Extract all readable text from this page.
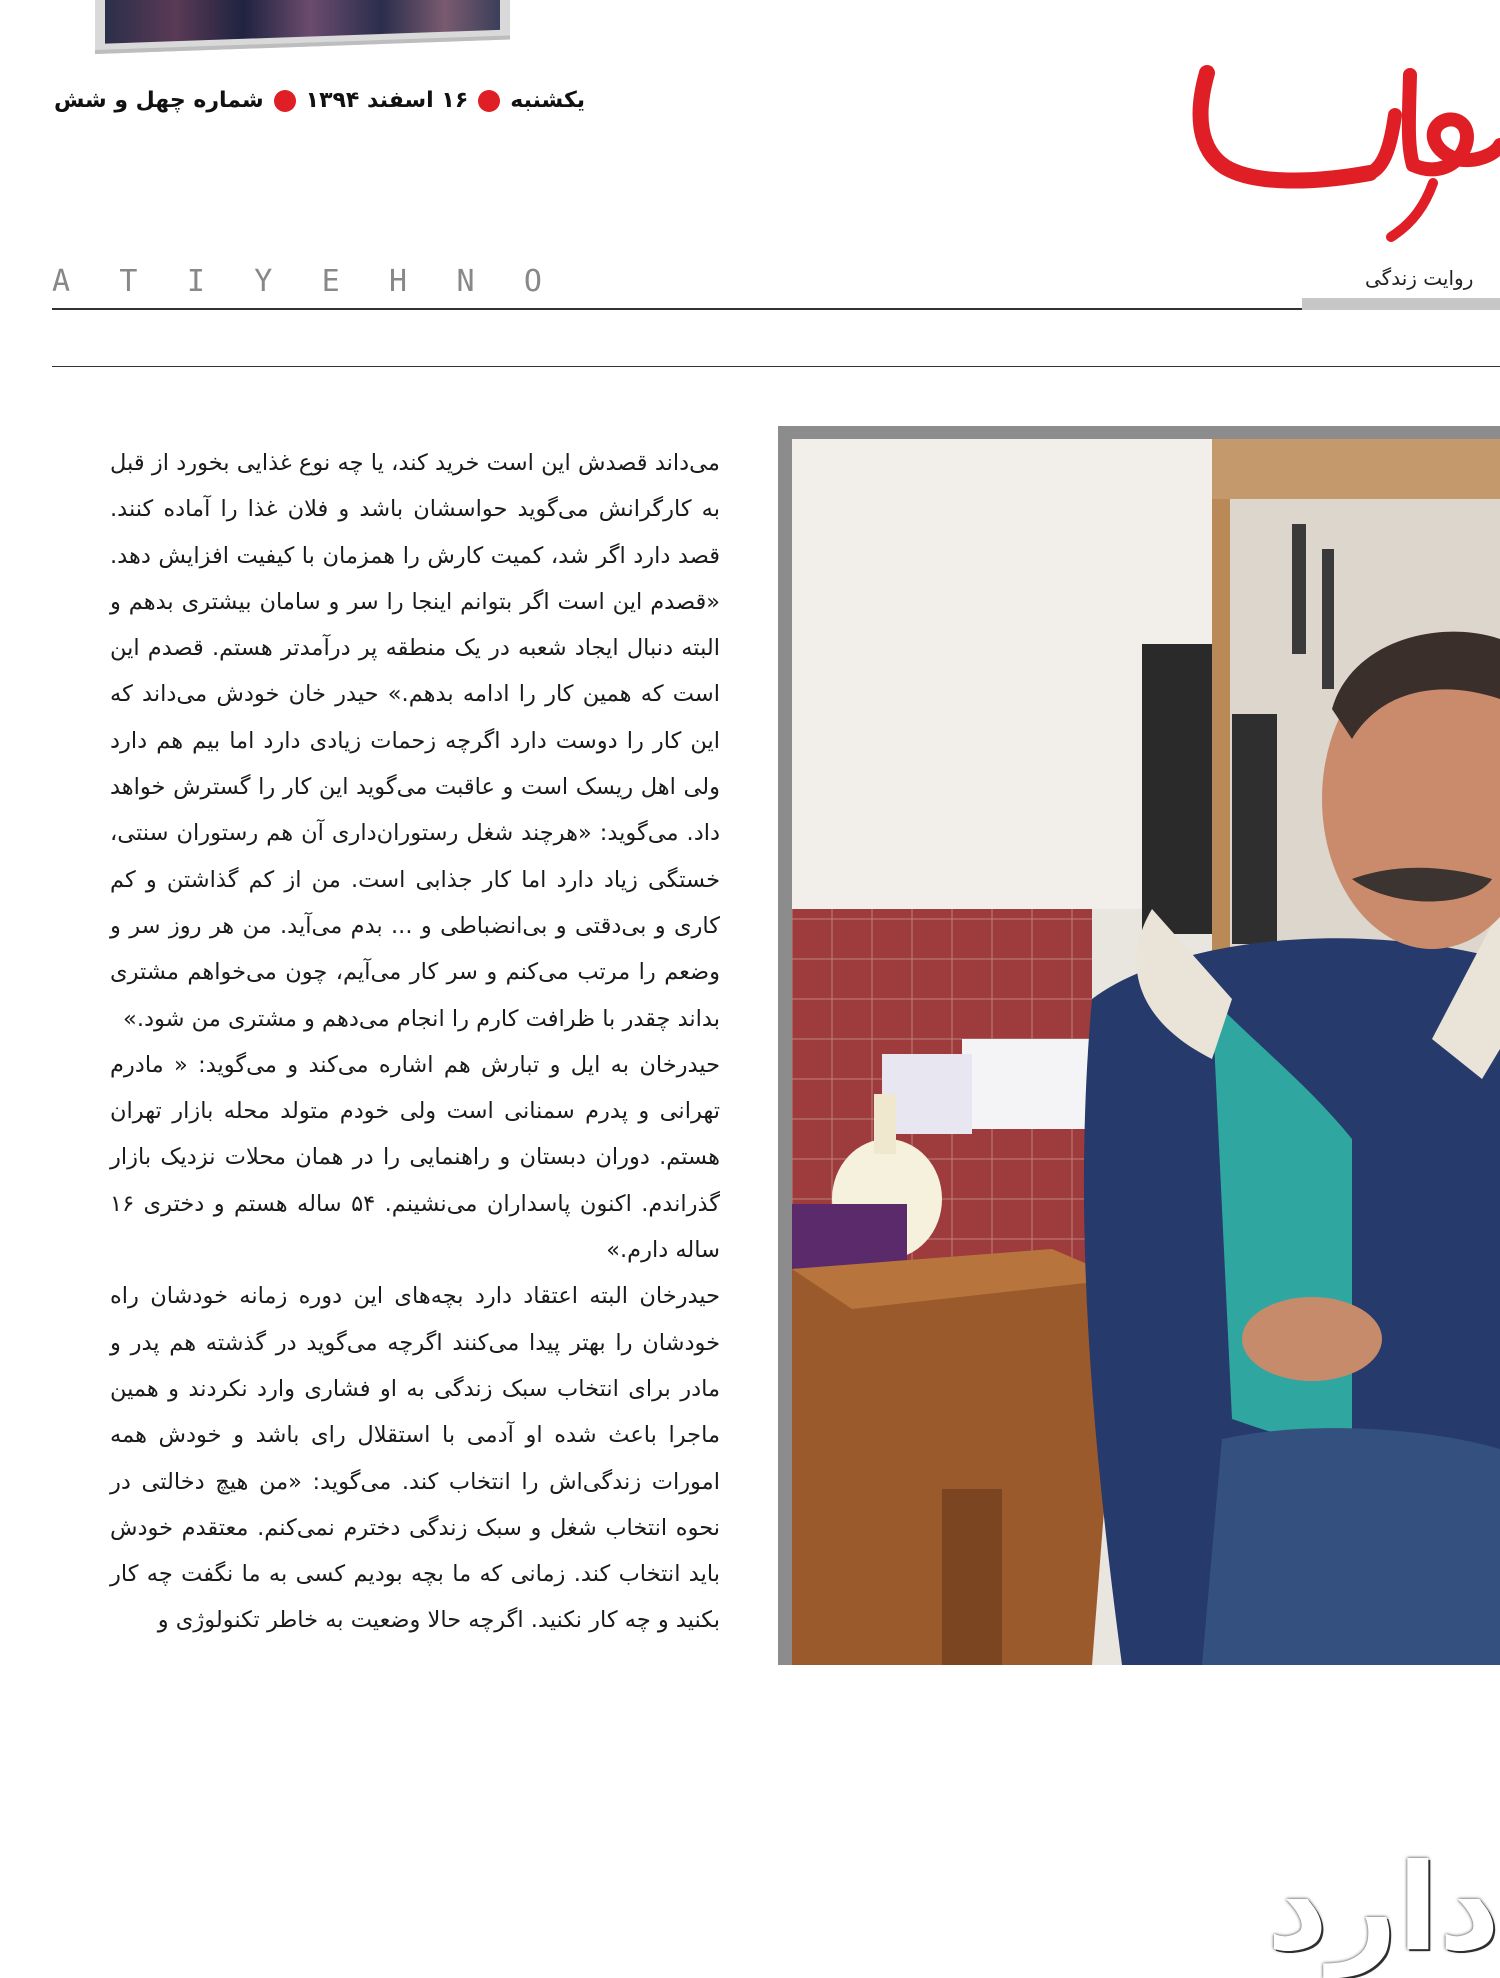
یکشنبه
۱۶ اسفند ۱۳۹۴
شماره چهل و شش
روایت زندگی
A T I Y E H N O

می‌داند قصدش این است خرید کند، یا چه نوع غذایی بخورد از قبل به کارگرانش می‌گوید حواسشان باشد و فلان غذا را آماده کنند. قصد دارد اگر شد، کمیت کارش را همزمان با کیفیت افزایش دهد. «قصدم این است اگر بتوانم اینجا را سر و سامان بیشتری بدهم و البته دنبال ایجاد شعبه در یک منطقه پر درآمدتر هستم. قصدم این است که همین کار را ادامه بدهم.» حیدر خان خودش می‌داند که این کار را دوست دارد اگرچه زحمات زیادی دارد اما بیم هم دارد ولی اهل ریسک است و عاقبت می‌گوید این کار را گسترش خواهد داد. می‌گوید: «هرچند شغل رستوران‌داری آن هم رستوران سنتی، خستگی زیاد دارد اما کار جذابی است. من از کم گذاشتن و کم کاری و بی‌دقتی و بی‌انضباطی و ... بدم می‌آید. من هر روز سر و وضعم را مرتب می‌کنم و سر کار می‌آیم، چون می‌خواهم مشتری بداند چقدر با ظرافت کارم را انجام می‌دهم و مشتری من شود.»

حیدرخان به ایل و تبارش هم اشاره می‌کند و می‌گوید: « مادرم تهرانی و پدرم سمنانی است ولی خودم متولد محله بازار تهران هستم. دوران دبستان و راهنمایی را در همان محلات نزدیک بازار گذراندم. اکنون پاسداران می‌نشینم. ۵۴ ساله هستم و دختری ۱۶ ساله دارم.»

حیدرخان البته اعتقاد دارد بچه‌های این دوره زمانه خودشان راه خودشان را بهتر پیدا می‌کنند اگرچه می‌گوید در گذشته هم پدر و مادر برای انتخاب سبک زندگی به او فشاری وارد نکردند و همین ماجرا باعث شده او آدمی با استقلال رای باشد و خودش همه امورات زندگی‌اش را انتخاب کند. می‌گوید: «من هیچ دخالتی در نحوه انتخاب شغل و سبک زندگی دخترم نمی‌کنم. معتقدم خودش باید انتخاب کند. زمانی که ما بچه بودیم کسی به ما نگفت چه کار بکنید و چه کار نکنید. اگرچه حالا وضعیت به خاطر تکنولوژی و

دارد
